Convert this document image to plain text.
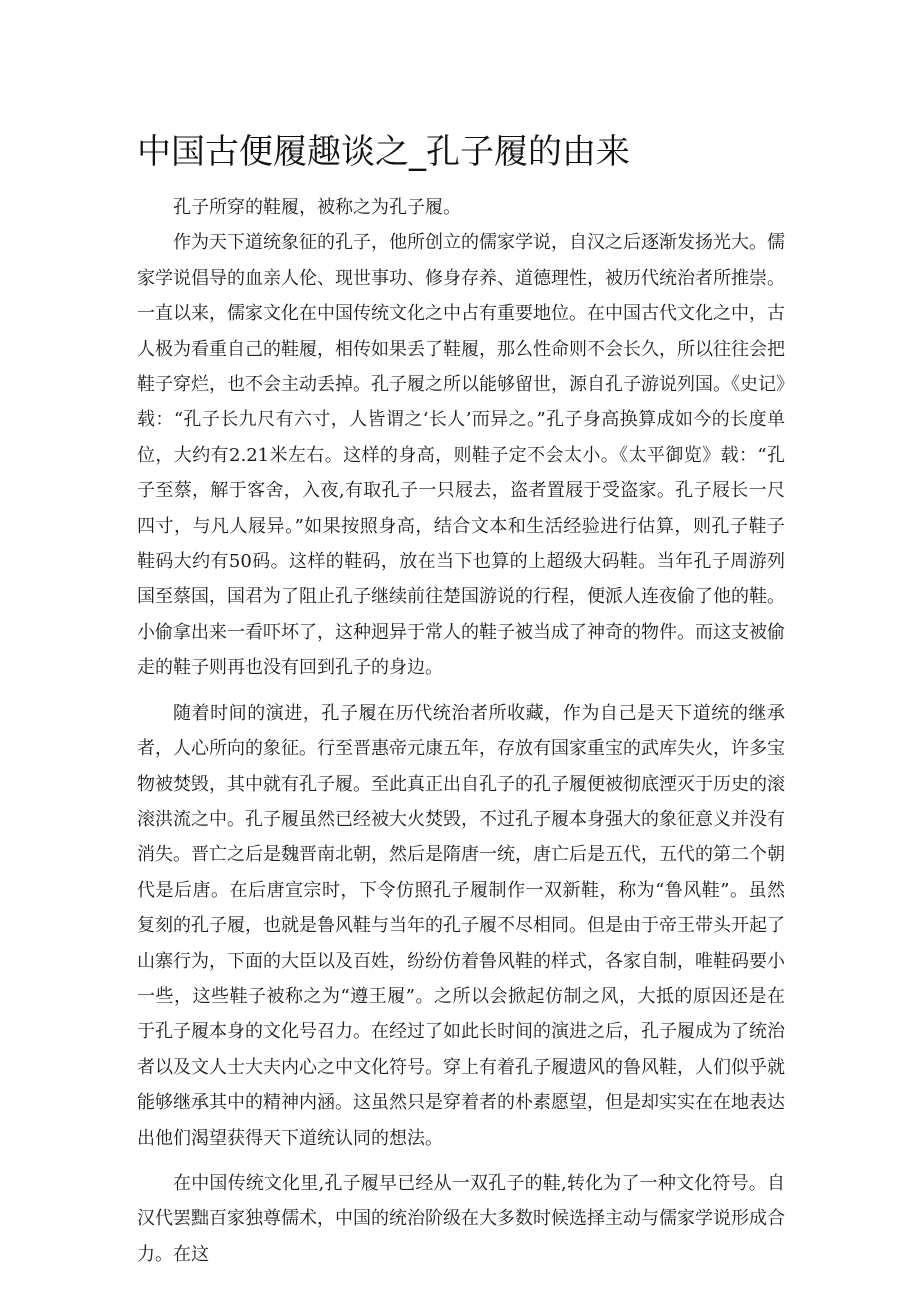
中国古便履趣谈之_孔子履的由来

孔子所穿的鞋履，被称之为孔子履。

作为天下道统象征的孔子，他所创立的儒家学说，自汉之后逐渐发扬光大。儒家学说倡导的血亲人伦、现世事功、修身存养、道德理性，被历代统治者所推崇。一直以来，儒家文化在中国传统文化之中占有重要地位。在中国古代文化之中，古人极为看重自己的鞋履，相传如果丢了鞋履，那么性命则不会长久，所以往往会把鞋子穿烂，也不会主动丢掉。孔子履之所以能够留世，源自孔子游说列国。《史记》载：“孔子长九尺有六寸，人皆谓之‘长人’而异之。”孔子身高换算成如今的长度单位，大约有2.21米左右。这样的身高，则鞋子定不会太小。《太平御览》载：“孔子至蔡，解于客舍，入夜,有取孔子一只屐去，盗者置屐于受盗家。孔子屐长一尺四寸，与凡人屐异。”如果按照身高，结合文本和生活经验进行估算，则孔子鞋子鞋码大约有50码。这样的鞋码，放在当下也算的上超级大码鞋。当年孔子周游列国至蔡国，国君为了阻止孔子继续前往楚国游说的行程，便派人连夜偷了他的鞋。小偷拿出来一看吓坏了，这种迥异于常人的鞋子被当成了神奇的物件。而这支被偷走的鞋子则再也没有回到孔子的身边。

随着时间的演进，孔子履在历代统治者所收藏，作为自己是天下道统的继承者，人心所向的象征。行至晋惠帝元康五年，存放有国家重宝的武库失火，许多宝物被焚毁，其中就有孔子履。至此真正出自孔子的孔子履便被彻底湮灭于历史的滚滚洪流之中。孔子履虽然已经被大火焚毁，不过孔子履本身强大的象征意义并没有消失。晋亡之后是魏晋南北朝，然后是隋唐一统，唐亡后是五代，五代的第二个朝代是后唐。在后唐宣宗时，下令仿照孔子履制作一双新鞋，称为“鲁风鞋”。虽然复刻的孔子履，也就是鲁风鞋与当年的孔子履不尽相同。但是由于帝王带头开起了山寨行为，下面的大臣以及百姓，纷纷仿着鲁风鞋的样式，各家自制，唯鞋码要小一些，这些鞋子被称之为“遵王履”。之所以会掀起仿制之风，大抵的原因还是在于孔子履本身的文化号召力。在经过了如此长时间的演进之后，孔子履成为了统治者以及文人士大夫内心之中文化符号。穿上有着孔子履遗风的鲁风鞋，人们似乎就能够继承其中的精神内涵。这虽然只是穿着者的朴素愿望，但是却实实在在地表达出他们渴望获得天下道统认同的想法。

在中国传统文化里,孔子履早已经从一双孔子的鞋,转化为了一种文化符号。自汉代罢黜百家独尊儒术，中国的统治阶级在大多数时候选择主动与儒家学说形成合力。在这
